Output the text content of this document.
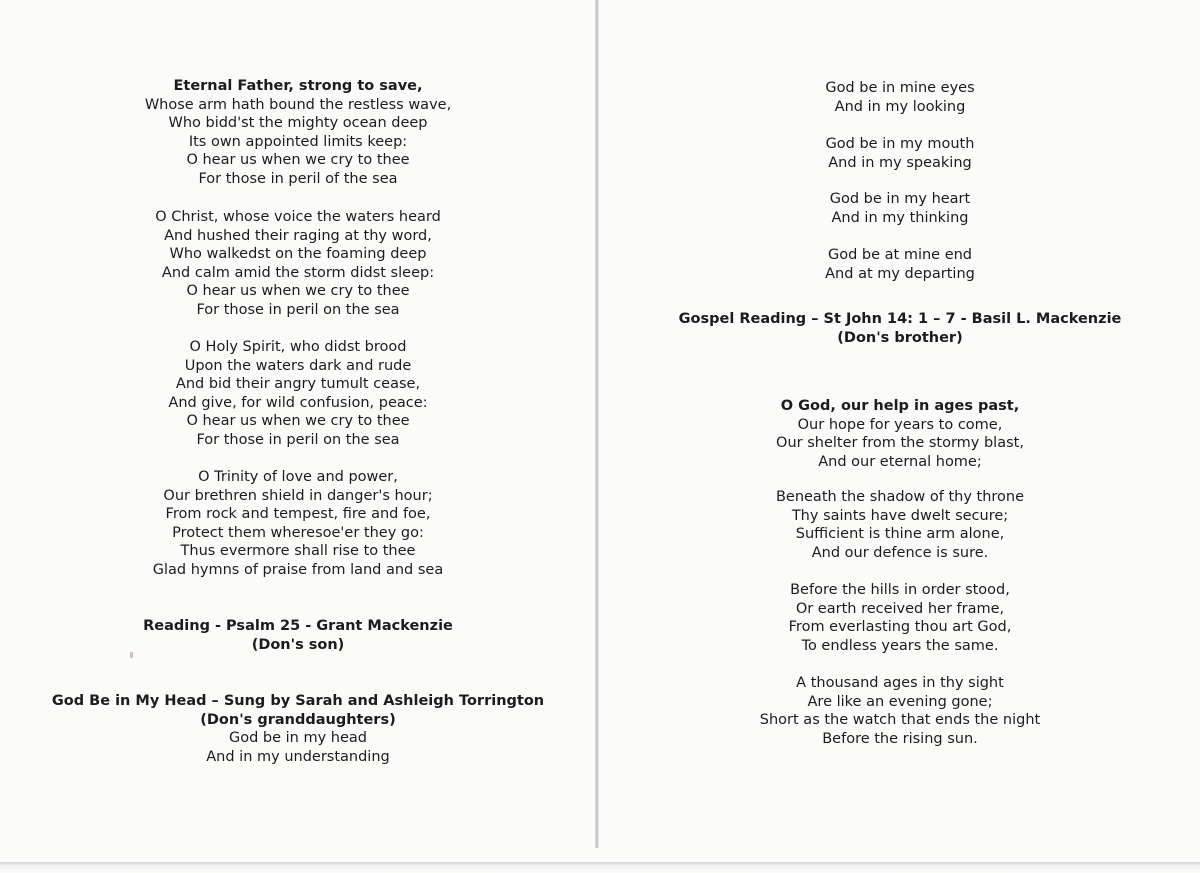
Eternal Father, strong to save,
Whose arm hath bound the restless wave,
Who bidd'st the mighty ocean deep
Its own appointed limits keep:
O hear us when we cry to thee
For those in peril of the sea
O Christ, whose voice the waters heard
And hushed their raging at thy word,
Who walkedst on the foaming deep
And calm amid the storm didst sleep:
O hear us when we cry to thee
For those in peril on the sea
O Holy Spirit, who didst brood
Upon the waters dark and rude
And bid their angry tumult cease,
And give, for wild confusion, peace:
O hear us when we cry to thee
For those in peril on the sea
O Trinity of love and power,
Our brethren shield in danger's hour;
From rock and tempest, fire and foe,
Protect them wheresoe'er they go:
Thus evermore shall rise to thee
Glad hymns of praise from land and sea
Reading - Psalm 25 - Grant Mackenzie
(Don's son)
God Be in My Head – Sung by Sarah and Ashleigh Torrington
(Don's granddaughters)
God be in my head
And in my understanding
God be in mine eyes
And in my looking
God be in my mouth
And in my speaking
God be in my heart
And in my thinking
God be at mine end
And at my departing
Gospel Reading – St John 14: 1 – 7 - Basil L. Mackenzie
(Don's brother)
O God, our help in ages past,
Our hope for years to come,
Our shelter from the stormy blast,
And our eternal home;
Beneath the shadow of thy throne
Thy saints have dwelt secure;
Sufficient is thine arm alone,
And our defence is sure.
Before the hills in order stood,
Or earth received her frame,
From everlasting thou art God,
To endless years the same.
A thousand ages in thy sight
Are like an evening gone;
Short as the watch that ends the night
Before the rising sun.
